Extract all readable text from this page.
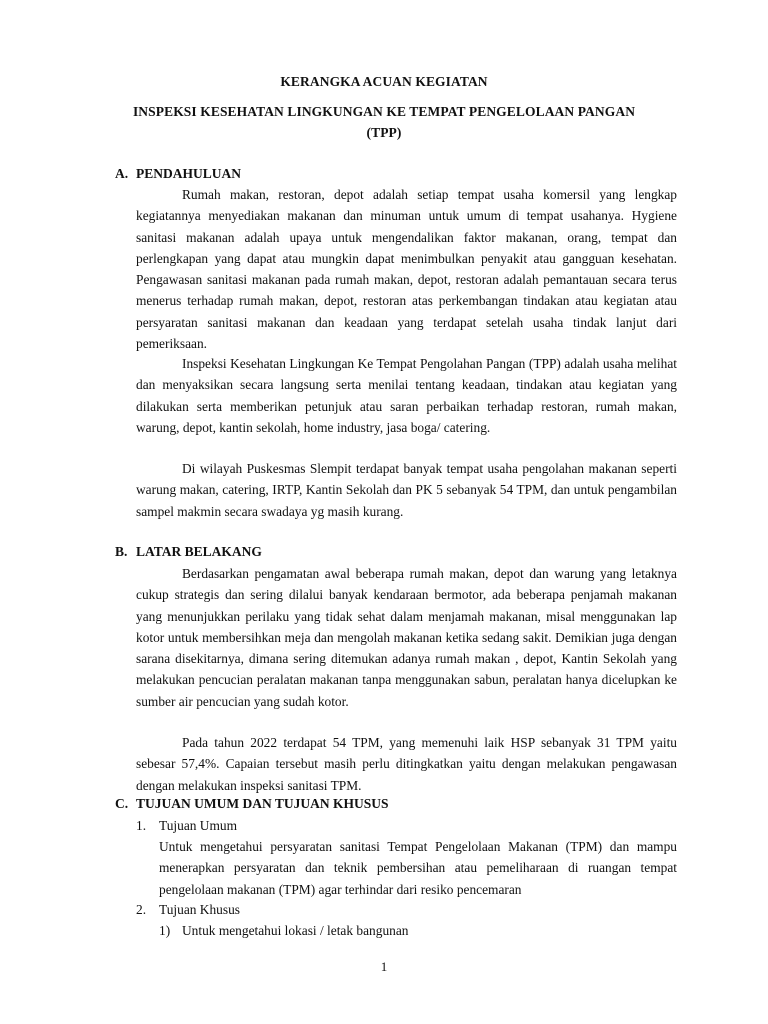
KERANGKA ACUAN KEGIATAN
INSPEKSI KESEHATAN LINGKUNGAN KE TEMPAT PENGELOLAAN PANGAN
(TPP)
A. PENDAHULUAN

Rumah makan, restoran, depot adalah setiap tempat usaha komersil yang lengkap kegiatannya menyediakan makanan dan minuman untuk umum di tempat usahanya. Hygiene sanitasi makanan adalah upaya untuk mengendalikan faktor makanan, orang, tempat dan perlengkapan yang dapat atau mungkin dapat menimbulkan penyakit atau gangguan kesehatan. Pengawasan sanitasi makanan pada rumah makan, depot, restoran adalah pemantauan secara terus menerus terhadap rumah makan, depot, restoran atas perkembangan tindakan atau kegiatan atau persyaratan sanitasi makanan dan keadaan yang terdapat setelah usaha tindak lanjut dari pemeriksaan.

Inspeksi Kesehatan Lingkungan Ke Tempat Pengolahan Pangan (TPP) adalah usaha melihat dan menyaksikan secara langsung serta menilai tentang keadaan, tindakan atau kegiatan yang dilakukan serta memberikan petunjuk atau saran perbaikan terhadap restoran, rumah makan, warung, depot, kantin sekolah, home industry, jasa boga/ catering.

Di wilayah Puskesmas Slempit terdapat banyak tempat usaha pengolahan makanan seperti warung makan, catering, IRTP, Kantin Sekolah dan PK 5 sebanyak 54 TPM, dan untuk pengambilan sampel makmin secara swadaya yg masih kurang.

B. LATAR BELAKANG

Berdasarkan pengamatan awal beberapa rumah makan, depot dan warung yang letaknya cukup strategis dan sering dilalui banyak kendaraan bermotor, ada beberapa penjamah makanan yang menunjukkan perilaku yang tidak sehat dalam menjamah makanan, misal menggunakan lap kotor untuk membersihkan meja dan mengolah makanan ketika sedang sakit. Demikian juga dengan sarana disekitarnya, dimana sering ditemukan adanya rumah makan , depot, Kantin Sekolah yang melakukan pencucian peralatan makanan tanpa menggunakan sabun, peralatan hanya dicelupkan ke sumber air pencucian yang sudah kotor.

Pada tahun 2022 terdapat 54 TPM, yang memenuhi laik HSP sebanyak 31 TPM yaitu sebesar 57,4%. Capaian tersebut masih perlu ditingkatkan yaitu dengan melakukan pengawasan dengan melakukan inspeksi sanitasi TPM.

C. TUJUAN UMUM DAN TUJUAN KHUSUS
1. Tujuan Umum

Untuk mengetahui persyaratan sanitasi Tempat Pengelolaan Makanan (TPM) dan mampu menerapkan persyaratan dan teknik pembersihan atau pemeliharaan di ruangan tempat pengelolaan makanan (TPM) agar terhindar dari resiko pencemaran

2. Tujuan Khusus
1) Untuk mengetahui lokasi / letak bangunan
1
